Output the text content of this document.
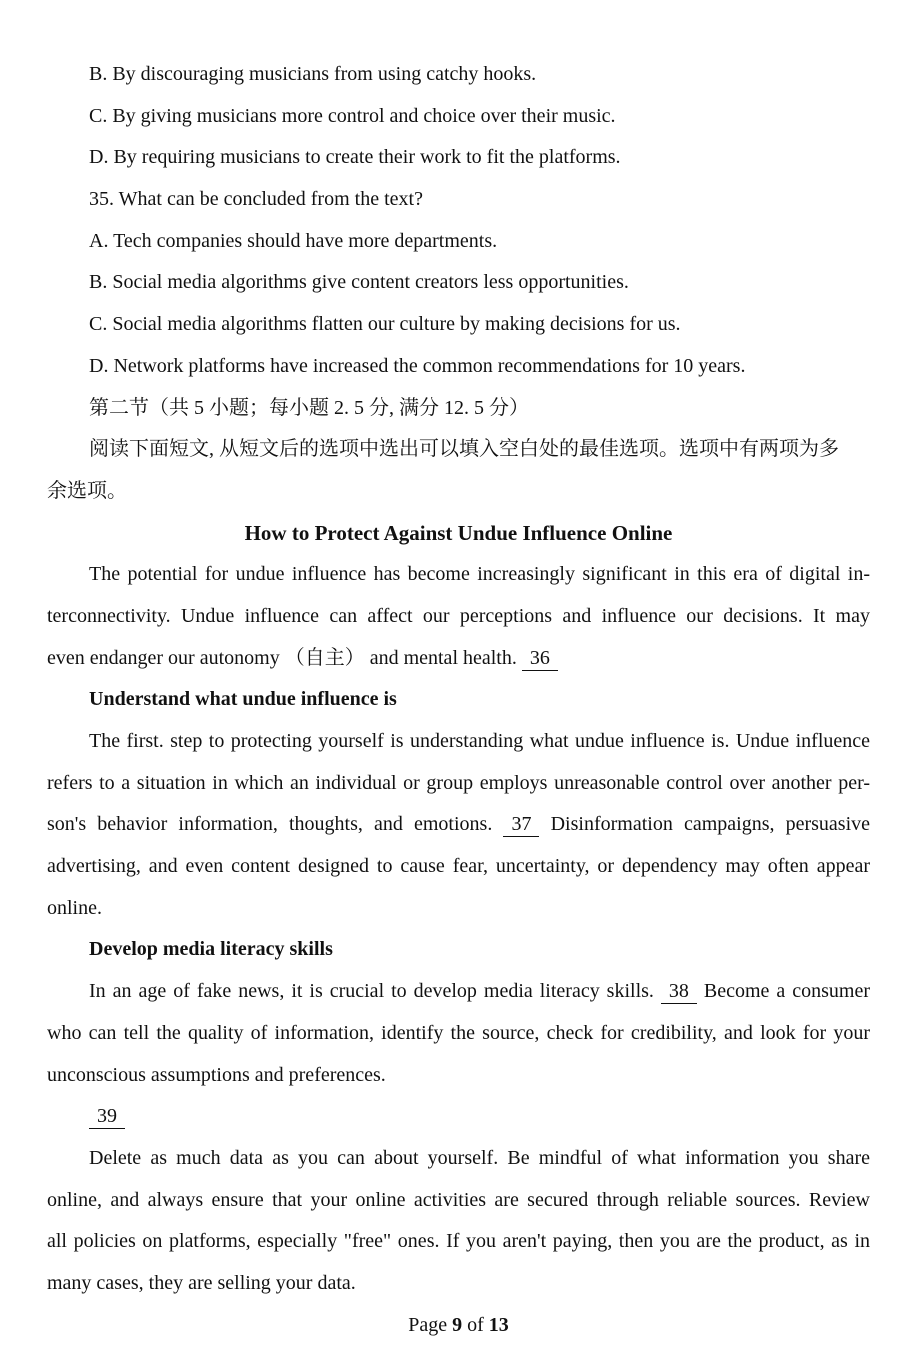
B. By discouraging musicians from using catchy hooks.
C. By giving musicians more control and choice over their music.
D. By requiring musicians to create their work to fit the platforms.
35. What can be concluded from the text?
A. Tech companies should have more departments.
B. Social media algorithms give content creators less opportunities.
C. Social media algorithms flatten our culture by making decisions for us.
D. Network platforms have increased the common recommendations for 10 years.
第二节（共 5 小题；每小题 2. 5 分, 满分 12. 5 分）
阅读下面短文, 从短文后的选项中选出可以填入空白处的最佳选项。选项中有两项为多
余选项。
How to Protect Against Undue Influence Online
The potential for undue influence has become increasingly significant in this era of digital in-
terconnectivity. Undue influence can affect our perceptions and influence our decisions. It may
even endanger our autonomy （自主） and mental health. 36
Understand what undue influence is
The first. step to protecting yourself is understanding what undue influence is. Undue influence
refers to a situation in which an individual or group employs unreasonable control over another per-
son's behavior information, thoughts, and emotions. 37 Disinformation campaigns, persuasive
advertising, and even content designed to cause fear, uncertainty, or dependency may often appear
online.
Develop media literacy skills
In an age of fake news, it is crucial to develop media literacy skills. 38 Become a consumer
who can tell the quality of information, identify the source, check for credibility, and look for your
unconscious assumptions and preferences.
39
Delete as much data as you can about yourself. Be mindful of what information you share
online, and always ensure that your online activities are secured through reliable sources. Review
all policies on platforms, especially "free" ones. If you aren't paying, then you are the product, as in
many cases, they are selling your data.
Page 9 of 13
